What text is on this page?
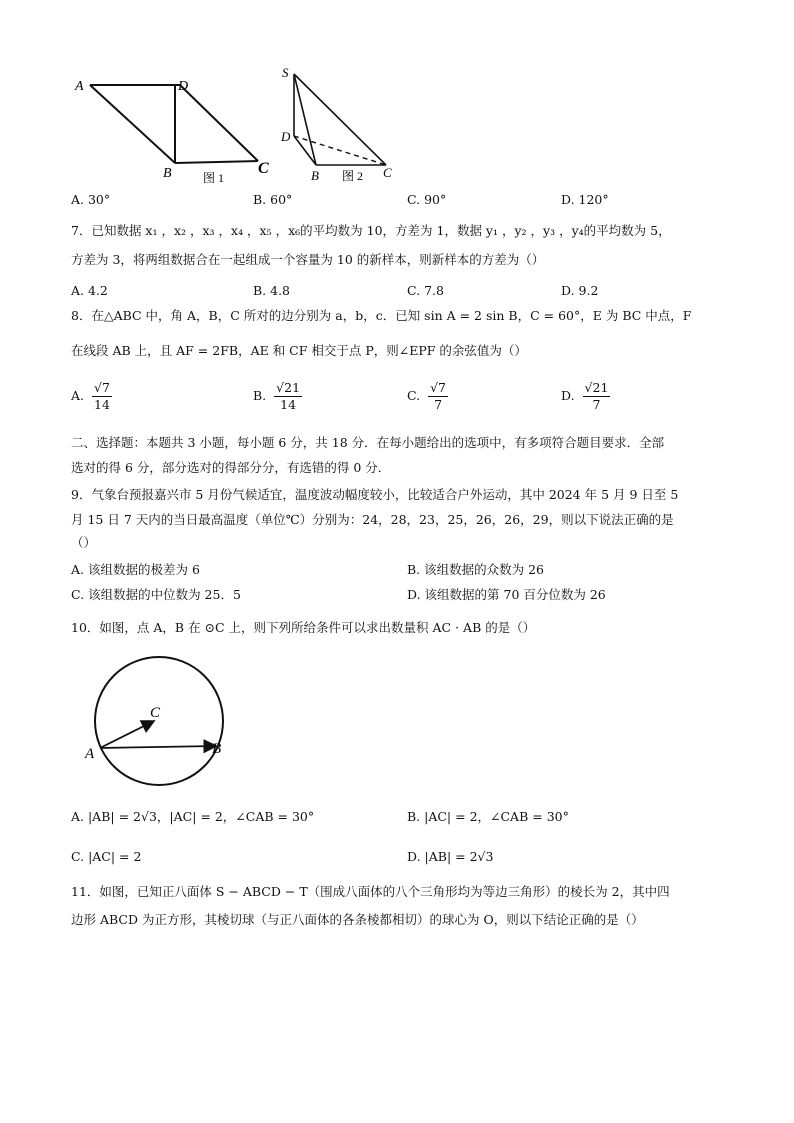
A	D
B	C
图 1
S
D
B	C
图 2
A. 30°	B. 60°	C. 90°	D. 120°
7．已知数据 x₁ ，x₂ ，x₃ ，x₄ ，x₅ ，x₆的平均数为 10，方差为 1，数据 y₁ ，y₂ ，y₃ ，y₄的平均数为 5，
方差为 3，将两组数据合在一起组成一个容量为 10 的新样本，则新样本的方差为（）
A. 4.2	B. 4.8	C. 7.8	D. 9.2
8．在△ABC 中，角 A，B，C 所对的边分别为 a，b，c．已知 sin A = 2 sin B，C = 60°，E 为 BC 中点，F
在线段 AB 上，且 AF = 2FB，AE 和 CF 相交于点 P，则∠EPF 的余弦值为（）
A. $\frac{√7}{14}$	B. $\frac{√21}{14}$	C. $\frac{√7}{7}$	D. $\frac{√21}{7}$
二、选择题：本题共 3 小题，每小题 6 分，共 18 分．在每小题给出的选项中，有多项符合题目要求．全部
选对的得 6 分，部分选对的得部分分，有选错的得 0 分．
9．气象台预报嘉兴市 5 月份气候适宜，温度波动幅度较小，比较适合户外运动，其中 2024 年 5 月 9 日至 5
月 15 日 7 天内的当日最高温度（单位℃）分别为：24，28，23，25，26，26，29，则以下说法正确的是
（）
A. 该组数据的极差为 6	B. 该组数据的众数为 26
C. 该组数据的中位数为 25．5	D. 该组数据的第 70 百分位数为 26
10．如图，点 A，B 在 ⊙C 上，则下列所给条件可以求出数量积 AC · AB 的是（）
C
A	B
A. |AB| = 2√3，|AC| = 2，∠CAB = 30°	B. |AC| = 2，∠CAB = 30°
C. |AC| = 2	D. |AB| = 2√3
11．如图，已知正八面体 S − ABCD − T（围成八面体的八个三角形均为等边三角形）的棱长为 2，其中四
边形 ABCD 为正方形，其棱切球（与正八面体的各条棱都相切）的球心为 O，则以下结论正确的是（）
